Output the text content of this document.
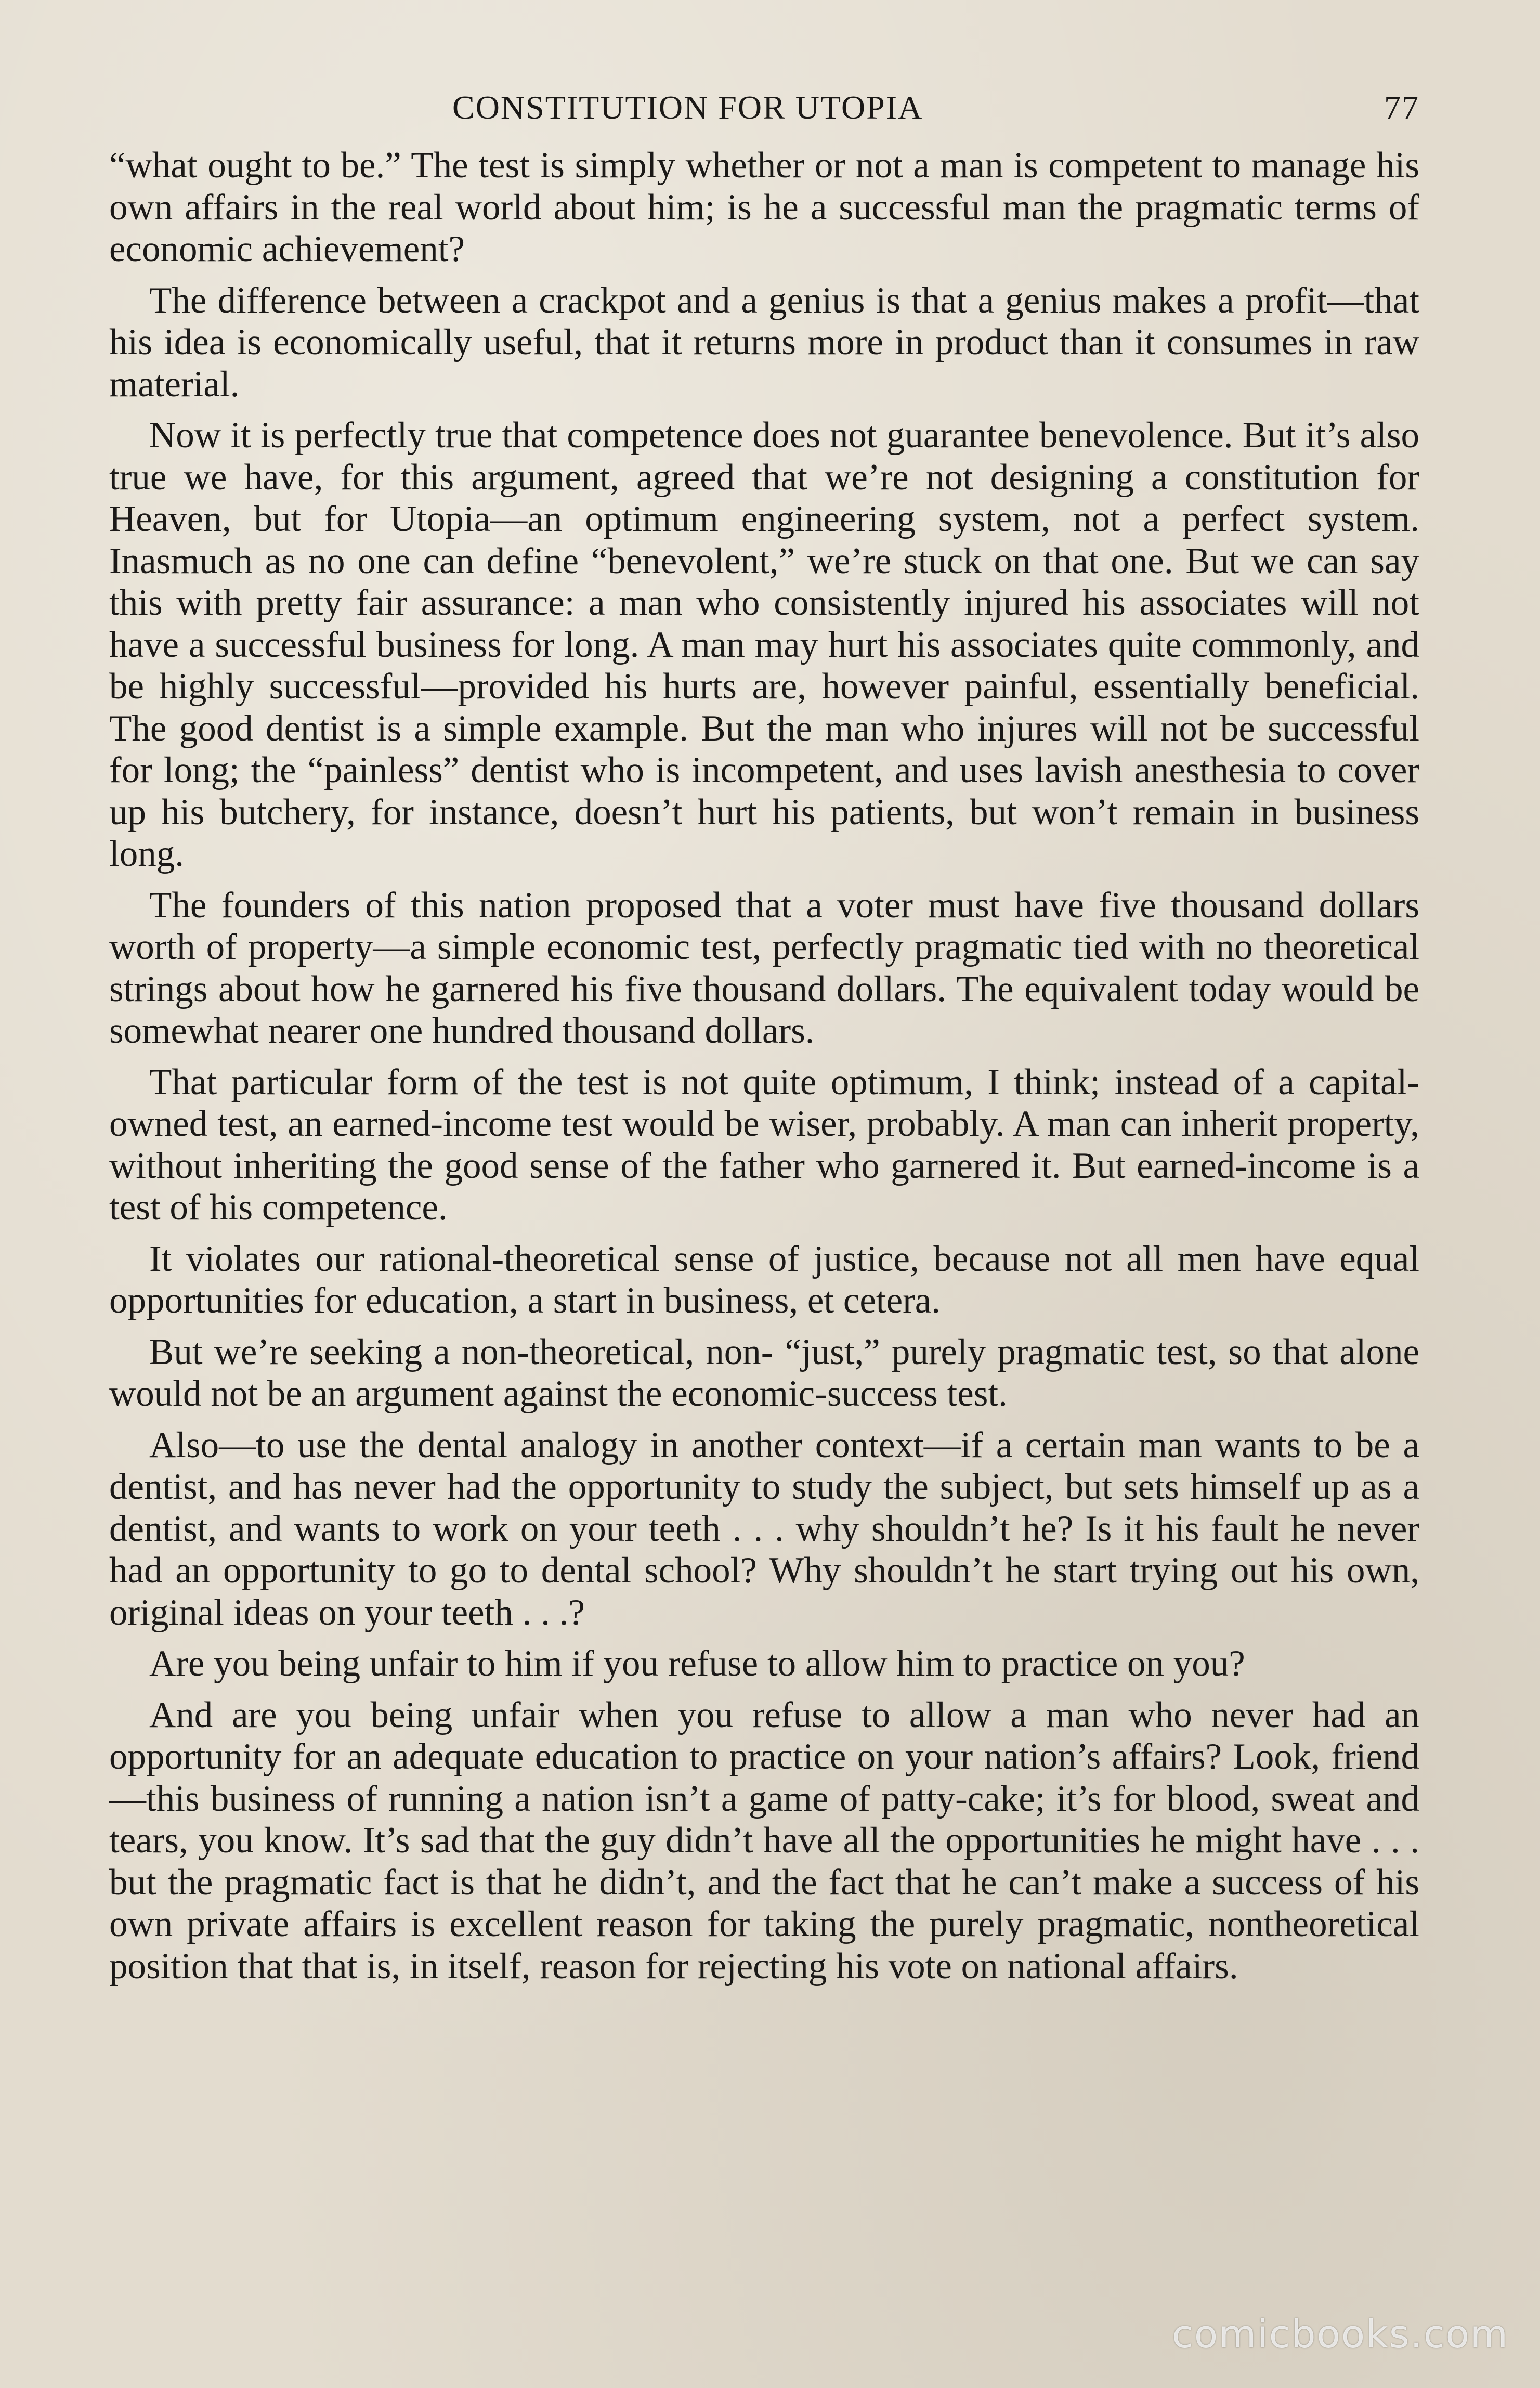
CONSTITUTION FOR UTOPIA	77

“what ought to be.” The test is simply whether or not a man is competent to manage his own affairs in the real world about him; is he a successful man the pragmatic terms of economic achievement?

The difference between a crackpot and a genius is that a genius makes a profit—that his idea is economically useful, that it returns more in product than it consumes in raw material.

Now it is perfectly true that competence does not guarantee benevolence. But it’s also true we have, for this argument, agreed that we’re not designing a constitution for Heaven, but for Utopia—an optimum engineering system, not a perfect system. Inasmuch as no one can define “benevolent,” we’re stuck on that one. But we can say this with pretty fair assurance: a man who consistently injured his associates will not have a successful business for long. A man may hurt his associates quite commonly, and be highly successful—provided his hurts are, however painful, essentially beneficial. The good dentist is a simple example. But the man who injures will not be successful for long; the “painless” dentist who is incompetent, and uses lavish anesthesia to cover up his butchery, for instance, doesn’t hurt his patients, but won’t remain in business long.

The founders of this nation proposed that a voter must have five thousand dollars worth of property—a simple economic test, perfectly pragmatic tied with no theoretical strings about how he garnered his five thousand dollars. The equivalent today would be somewhat nearer one hundred thousand dollars.

That particular form of the test is not quite optimum, I think; instead of a capital-owned test, an earned-income test would be wiser, probably. A man can inherit property, without inheriting the good sense of the father who garnered it. But earned-income is a test of his competence.

It violates our rational-theoretical sense of justice, because not all men have equal opportunities for education, a start in business, et cetera.

But we’re seeking a non-theoretical, non- “just,” purely pragmatic test, so that alone would not be an argument against the economic-success test.

Also—to use the dental analogy in another context—if a certain man wants to be a dentist, and has never had the opportunity to study the subject, but sets himself up as a dentist, and wants to work on your teeth . . . why shouldn’t he? Is it his fault he never had an opportunity to go to dental school? Why shouldn’t he start trying out his own, original ideas on your teeth . . .?

Are you being unfair to him if you refuse to allow him to practice on you?

And are you being unfair when you refuse to allow a man who never had an opportunity for an adequate education to practice on your nation’s affairs? Look, friend—this business of running a nation isn’t a game of patty-cake; it’s for blood, sweat and tears, you know. It’s sad that the guy didn’t have all the opportunities he might have . . . but the pragmatic fact is that he didn’t, and the fact that he can’t make a success of his own private affairs is excellent reason for taking the purely pragmatic, nontheoretical position that that is, in itself, reason for rejecting his vote on national affairs.

comicbooks.com
